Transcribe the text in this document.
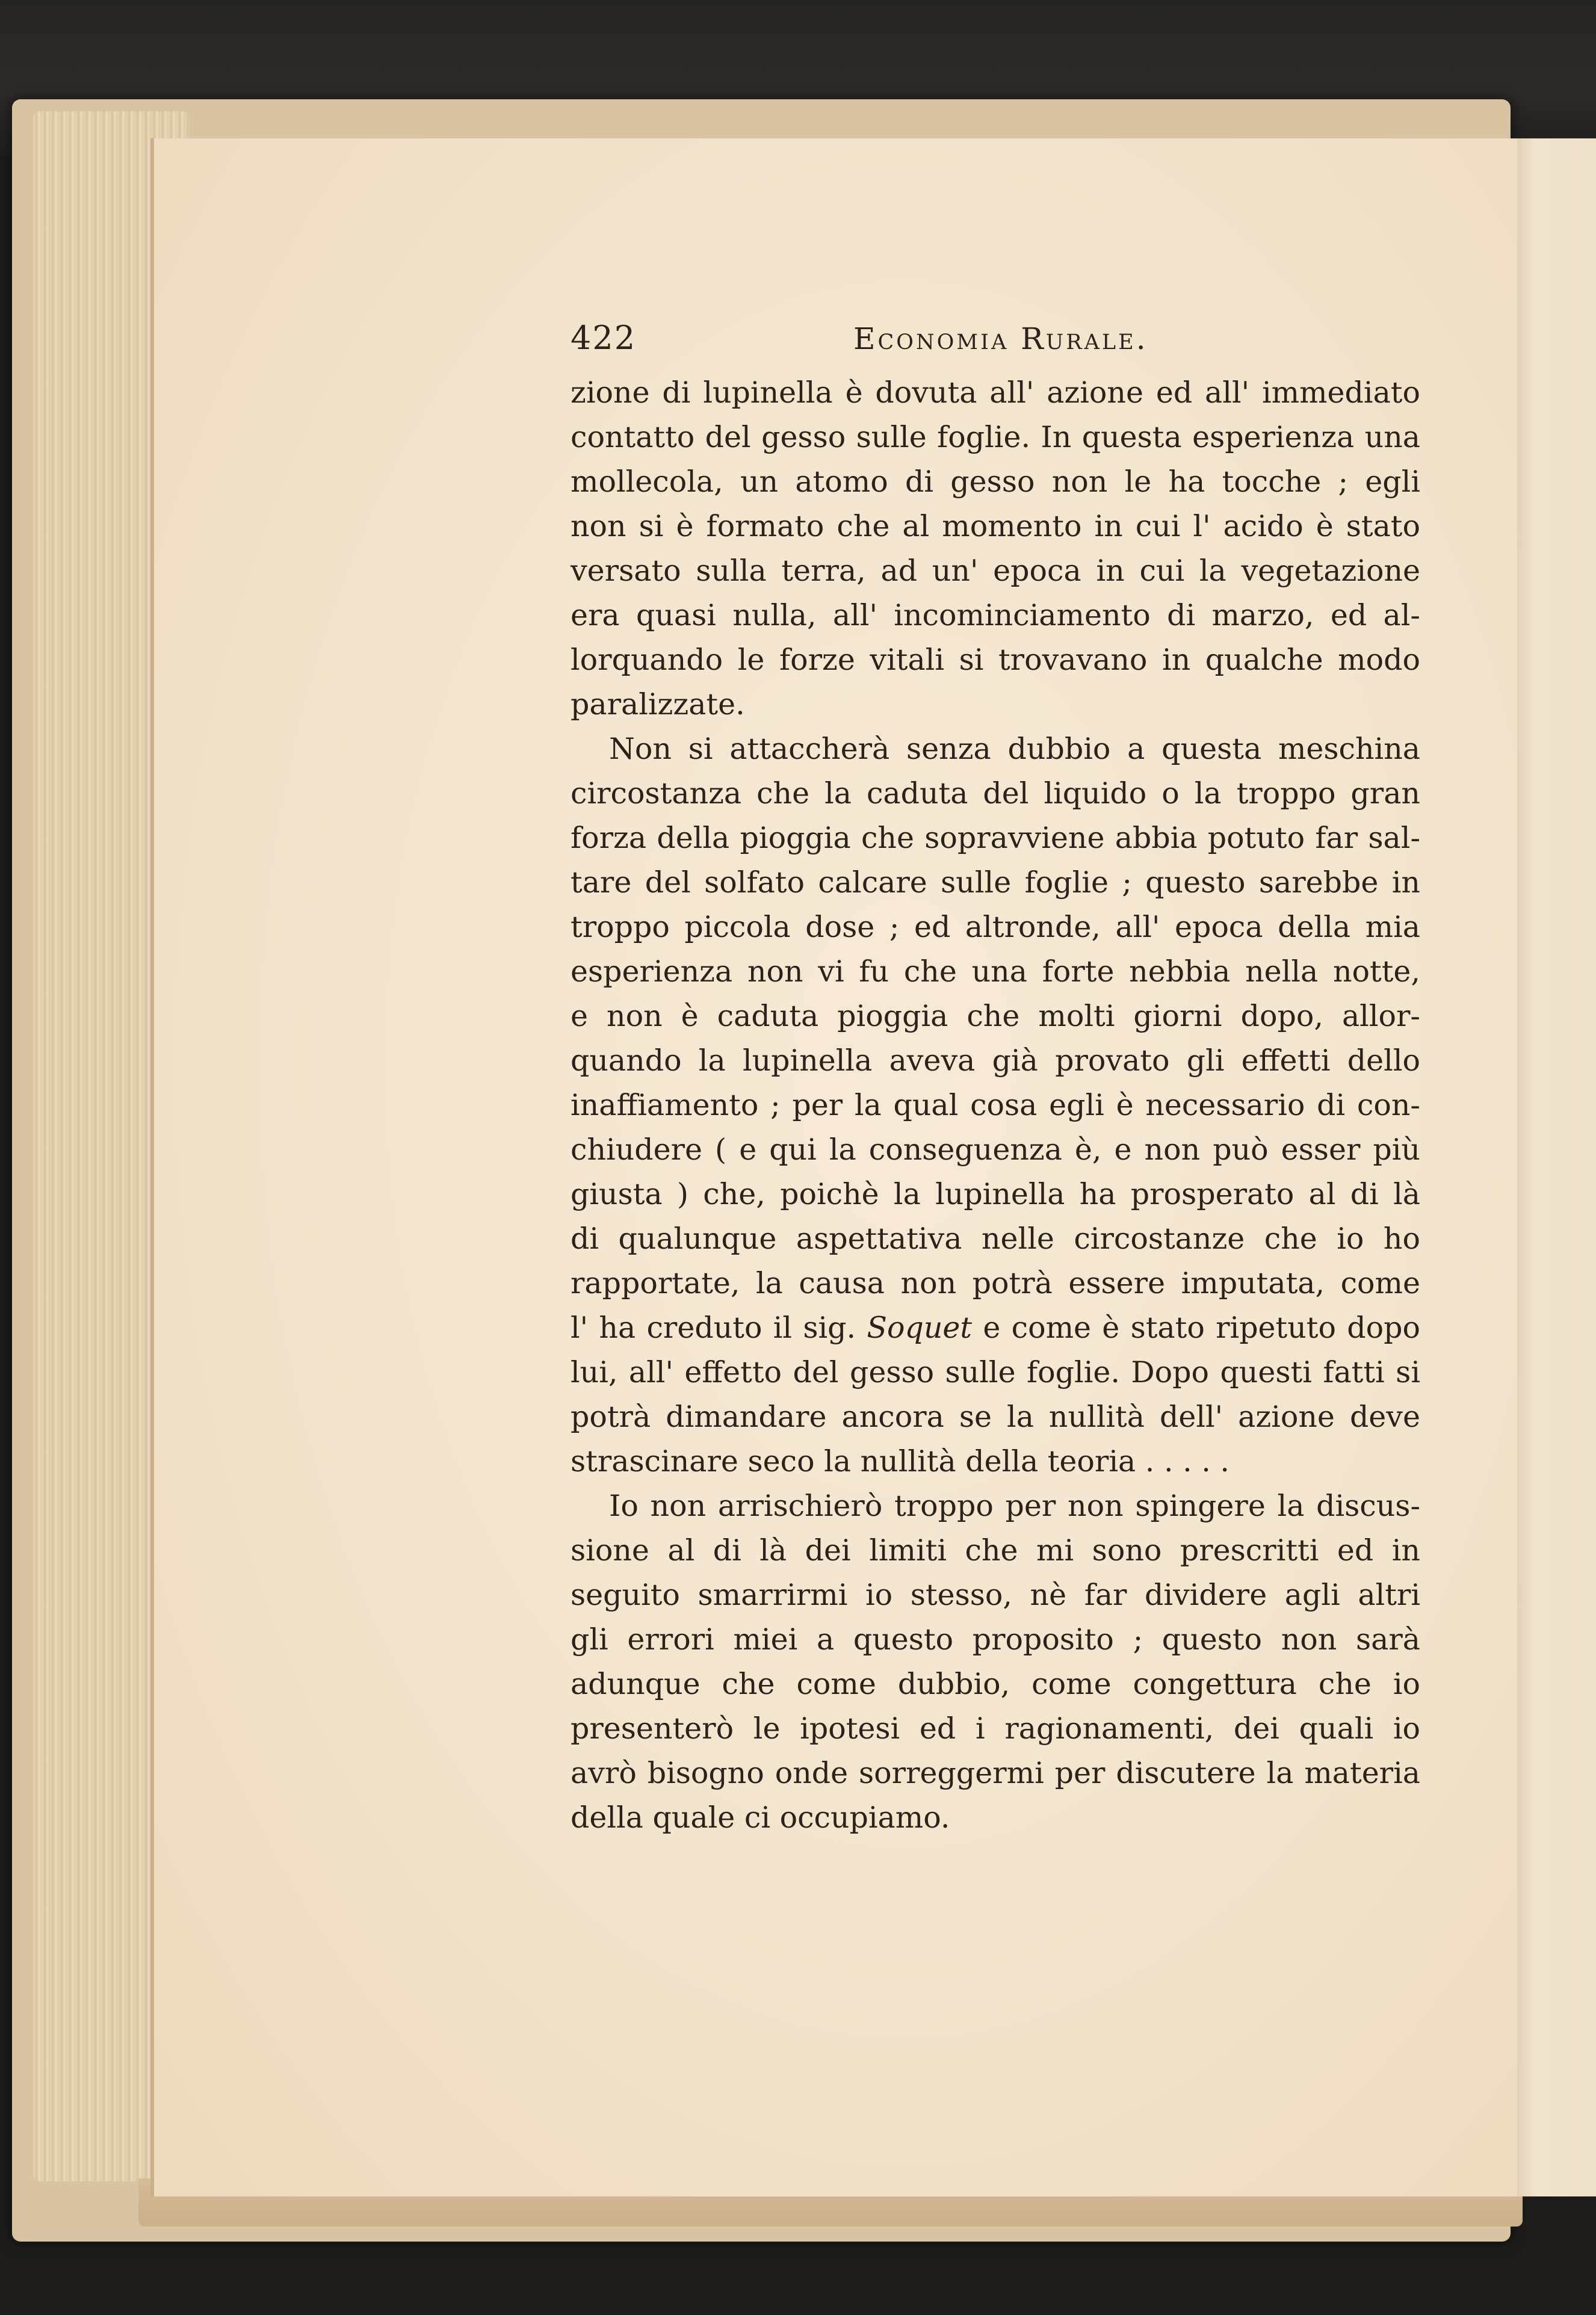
422	Economia Rurale.
zione di lupinella è dovuta all' azione ed all' immediato
contatto del gesso sulle foglie. In questa esperienza una
mollecola, un atomo di gesso non le ha tocche ; egli
non si è formato che al momento in cui l' acido è stato
versato sulla terra, ad un' epoca in cui la vegetazione
era quasi nulla, all' incominciamento di marzo, ed al-
lorquando le forze vitali si trovavano in qualche modo
paralizzate.
Non si attaccherà senza dubbio a questa meschina
circostanza che la caduta del liquido o la troppo gran
forza della pioggia che sopravviene abbia potuto far sal-
tare del solfato calcare sulle foglie ; questo sarebbe in
troppo piccola dose ; ed altronde, all' epoca della mia
esperienza non vi fu che una forte nebbia nella notte,
e non è caduta pioggia che molti giorni dopo, allor-
quando la lupinella aveva già provato gli effetti dello
inaffiamento ; per la qual cosa egli è necessario di con-
chiudere ( e qui la conseguenza è, e non può esser più
giusta ) che, poichè la lupinella ha prosperato al di là
di qualunque aspettativa nelle circostanze che io ho
rapportate, la causa non potrà essere imputata, come
l' ha creduto il sig. Soquet e come è stato ripetuto dopo
lui, all' effetto del gesso sulle foglie. Dopo questi fatti si
potrà dimandare ancora se la nullità dell' azione deve
strascinare seco la nullità della teoria . . . . .
Io non arrischierò troppo per non spingere la discus-
sione al di là dei limiti che mi sono prescritti ed in
seguito smarrirmi io stesso, nè far dividere agli altri
gli errori miei a questo proposito ; questo non sarà
adunque che come dubbio, come congettura che io
presenterò le ipotesi ed i ragionamenti, dei quali io
avrò bisogno onde sorreggermi per discutere la materia
della quale ci occupiamo.
